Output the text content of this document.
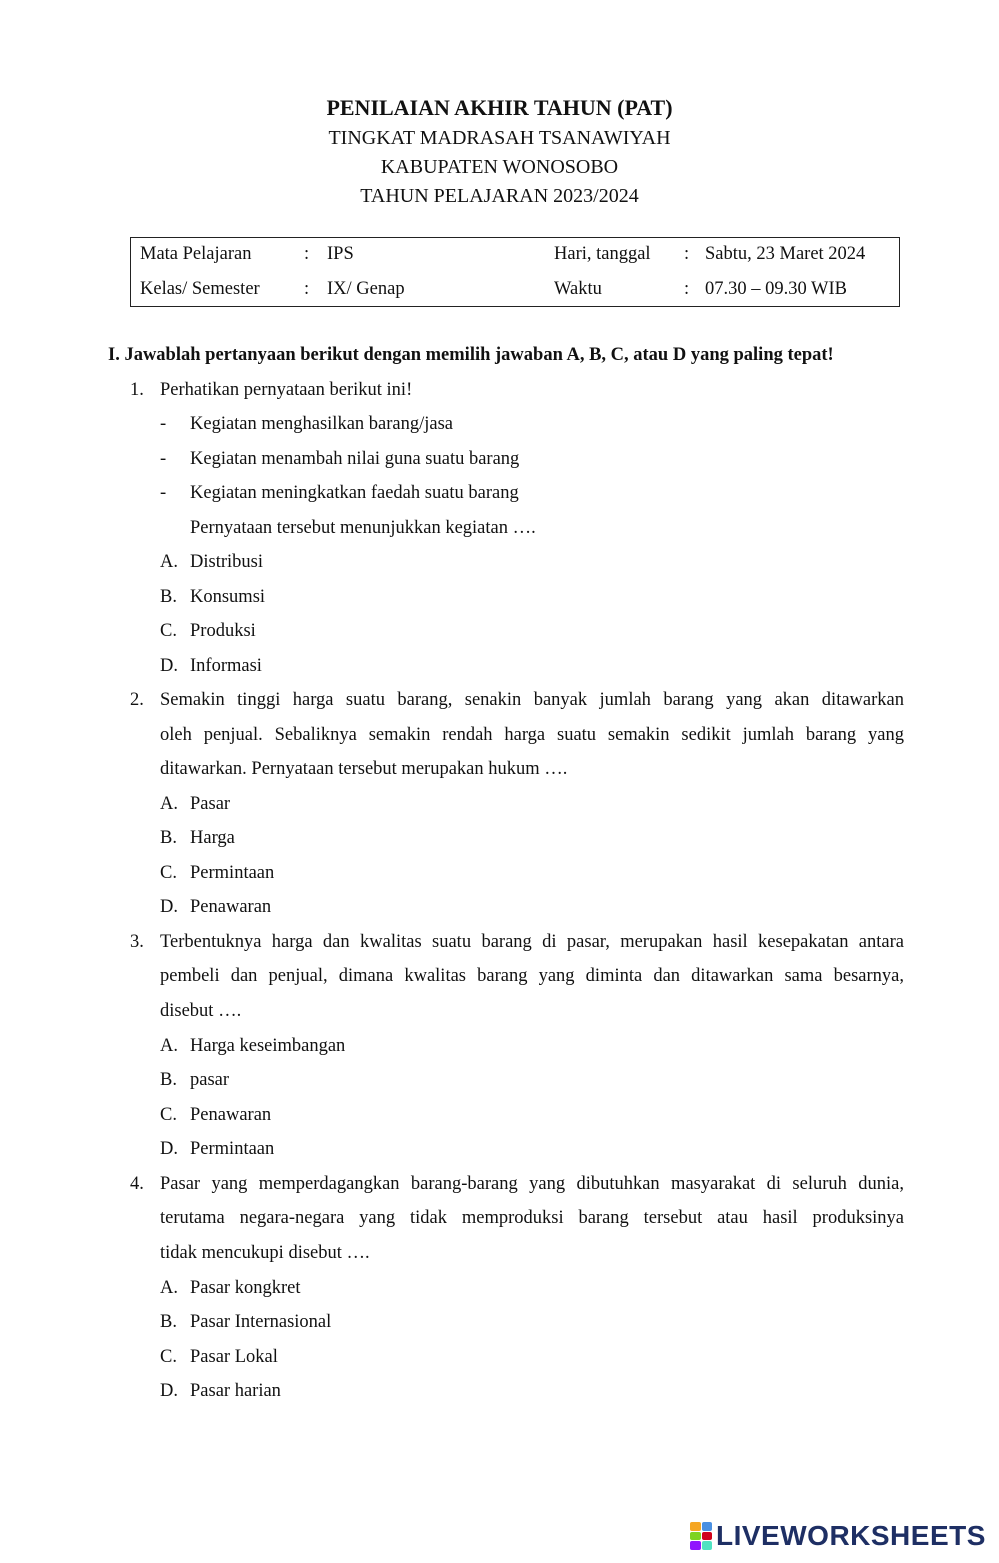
PENILAIAN AKHIR TAHUN (PAT)
TINGKAT MADRASAH TSANAWIYAH
KABUPATEN WONOSOBO
TAHUN PELAJARAN 2023/2024
Mata Pelajaran	: IPS	Hari, tanggal : Sabtu, 23 Maret 2024
Kelas/ Semester : IX/ Genap	Waktu	: 07.30 – 09.30 WIB
I. Jawablah pertanyaan berikut dengan memilih jawaban A, B, C, atau D yang paling tepat!
1. Perhatikan pernyataan berikut ini!
- Kegiatan menghasilkan barang/jasa
- Kegiatan menambah nilai guna suatu barang
- Kegiatan meningkatkan faedah suatu barang
Pernyataan tersebut menunjukkan kegiatan ….
A. Distribusi
B. Konsumsi
C. Produksi
D. Informasi
2. Semakin tinggi harga suatu barang, senakin banyak jumlah barang yang akan ditawarkan
oleh penjual. Sebaliknya semakin rendah harga suatu semakin sedikit jumlah barang yang
ditawarkan. Pernyataan tersebut merupakan hukum ….
A. Pasar
B. Harga
C. Permintaan
D. Penawaran
3. Terbentuknya harga dan kwalitas suatu barang di pasar, merupakan hasil kesepakatan antara
pembeli dan penjual, dimana kwalitas barang yang diminta dan ditawarkan sama besarnya,
disebut ….
A. Harga keseimbangan
B. pasar
C. Penawaran
D. Permintaan
4. Pasar yang memperdagangkan barang-barang yang dibutuhkan masyarakat di seluruh dunia,
terutama negara-negara yang tidak memproduksi barang tersebut atau hasil produksinya
tidak mencukupi disebut ….
A. Pasar kongkret
B. Pasar Internasional
C. Pasar Lokal
D. Pasar harian
LIVEWORKSHEETS
